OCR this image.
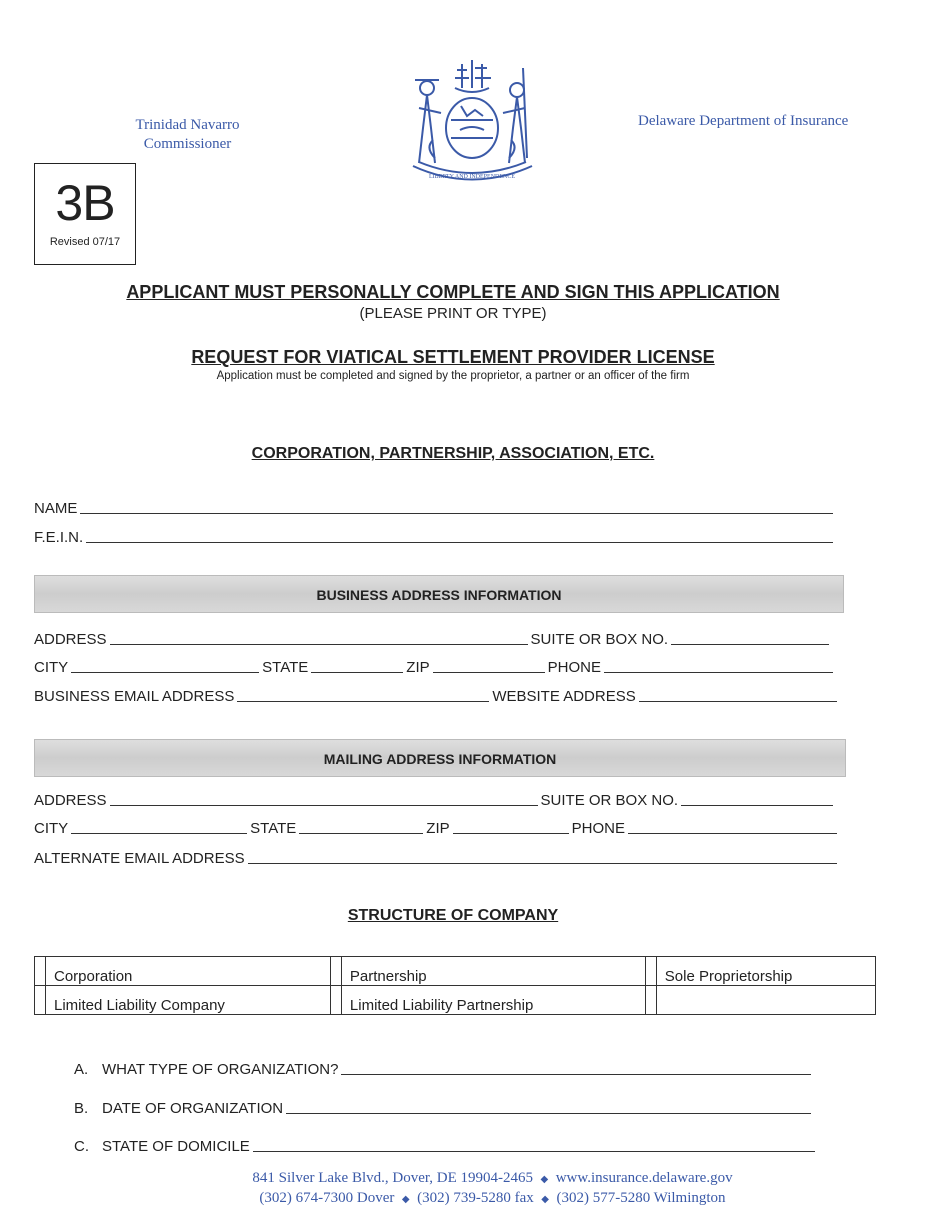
Trinidad Navarro
Commissioner
LIBERTY AND INDEPENDENCE
Delaware Department of Insurance
3B
Revised 07/17
APPLICANT MUST PERSONALLY COMPLETE AND SIGN THIS APPLICATION
(PLEASE PRINT OR TYPE)
REQUEST FOR VIATICAL SETTLEMENT PROVIDER LICENSE
Application must be completed and signed by the proprietor, a partner or an officer of the firm
CORPORATION, PARTNERSHIP, ASSOCIATION, ETC.
NAME
F.E.I.N.
BUSINESS ADDRESS INFORMATION
ADDRESS	SUITE OR BOX NO.
CITY	STATE	ZIP	PHONE
BUSINESS EMAIL ADDRESS	WEBSITE ADDRESS
MAILING ADDRESS INFORMATION
ADDRESS	SUITE OR BOX NO.
CITY	STATE	ZIP	PHONE
ALTERNATE EMAIL ADDRESS
STRUCTURE OF COMPANY
	Corporation		Partnership		Sole Proprietorship
	Limited Liability Company		Limited Liability Partnership		
A. WHAT TYPE OF ORGANIZATION?
B. DATE OF ORGANIZATION
C. STATE OF DOMICILE
841 Silver Lake Blvd., Dover, DE 19904-2465 ◆ www.insurance.delaware.gov
(302) 674-7300 Dover ◆ (302) 739-5280 fax ◆ (302) 577-5280 Wilmington
